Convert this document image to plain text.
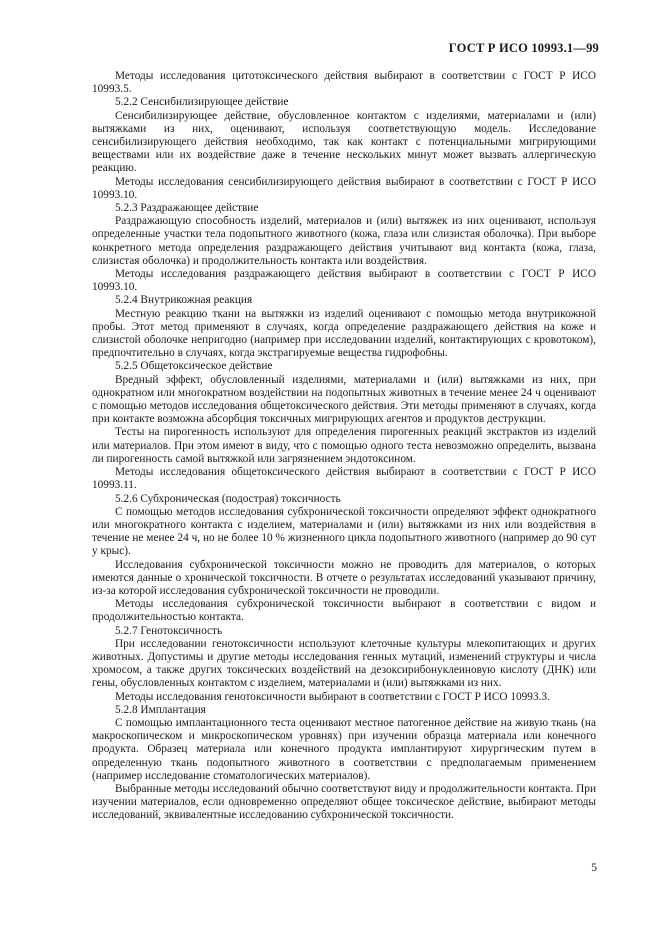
ГОСТ Р ИСО 10993.1—99

Методы исследования цитотоксического действия выбирают в соответствии с ГОСТ Р ИСО 10993.5.

5.2.2 Сенсибилизирующее действие

Сенсибилизирующее действие, обусловленное контактом с изделиями, материалами и (или) вытяжками из них, оценивают, используя соответствующую модель. Исследование сенсибилизирующего действия необходимо, так как контакт с потенциальными мигрирующими веществами или их воздействие даже в течение нескольких минут может вызвать аллергическую реакцию.

Методы исследования сенсибилизирующего действия выбирают в соответствии с ГОСТ Р ИСО 10993.10.

5.2.3 Раздражающее действие

Раздражающую способность изделий, материалов и (или) вытяжек из них оценивают, используя определенные участки тела подопытного животного (кожа, глаза или слизистая оболочка). При выборе конкретного метода определения раздражающего действия учитывают вид контакта (кожа, глаза, слизистая оболочка) и продолжительность контакта или воздействия.

Методы исследования раздражающего действия выбирают в соответствии с ГОСТ Р ИСО 10993.10.

5.2.4 Внутрикожная реакция

Местную реакцию ткани на вытяжки из изделий оценивают с помощью метода внутрикожной пробы. Этот метод применяют в случаях, когда определение раздражающего действия на коже и слизистой оболочке непригодно (например при исследовании изделий, контактирующих с кровотоком), предпочтительно в случаях, когда экстрагируемые вещества гидрофобны.

5.2.5 Общетоксическое действие

Вредный эффект, обусловленный изделиями, материалами и (или) вытяжками из них, при однократном или многократном воздействии на подопытных животных в течение менее 24 ч оценивают с помощью методов исследования общетоксического действия. Эти методы применяют в случаях, когда при контакте возможна абсорбция токсичных мигрирующих агентов и продуктов деструкции.

Тесты на пирогенность используют для определения пирогенных реакций экстрактов из изделий или материалов. При этом имеют в виду, что с помощью одного теста невозможно определить, вызвана ли пирогенность самой вытяжкой или загрязнением эндотоксином.

Методы исследования общетоксического действия выбирают в соответствии с ГОСТ Р ИСО 10993.11.

5.2.6 Субхроническая (подострая) токсичность

С помощью методов исследования субхронической токсичности определяют эффект однократного или многократного контакта с изделием, материалами и (или) вытяжками из них или воздействия в течение не менее 24 ч, но не более 10 % жизненного цикла подопытного животного (например до 90 сут у крыс).

Исследования субхронической токсичности можно не проводить для материалов, о которых имеются данные о хронической токсичности. В отчете о результатах исследований указывают причину, из-за которой исследования субхронической токсичности не проводили.

Методы исследования субхронической токсичности выбирают в соответствии с видом и продолжительностью контакта.

5.2.7 Генотоксичность

При исследовании генотоксичности используют клеточные культуры млекопитающих и других животных. Допустимы и другие методы исследования генных мутаций, изменений структуры и числа хромосом, а также других токсических воздействий на дезоксирибонуклеиновую кислоту (ДНК) или гены, обусловленных контактом с изделием, материалами и (или) вытяжками из них.

Методы исследования генотоксичности выбирают в соответствии с ГОСТ Р ИСО 10993.3.

5.2.8 Имплантация

С помощью имплантационного теста оценивают местное патогенное действие на живую ткань (на макроскопическом и микроскопическом уровнях) при изучении образца материала или конечного продукта. Образец материала или конечного продукта имплантируют хирургическим путем в определенную ткань подопытного животного в соответствии с предполагаемым применением (например исследование стоматологических материалов).

Выбранные методы исследований обычно соответствуют виду и продолжительности контакта. При изучении материалов, если одновременно определяют общее токсическое действие, выбирают методы исследований, эквивалентные исследованию субхронической токсичности.

5
